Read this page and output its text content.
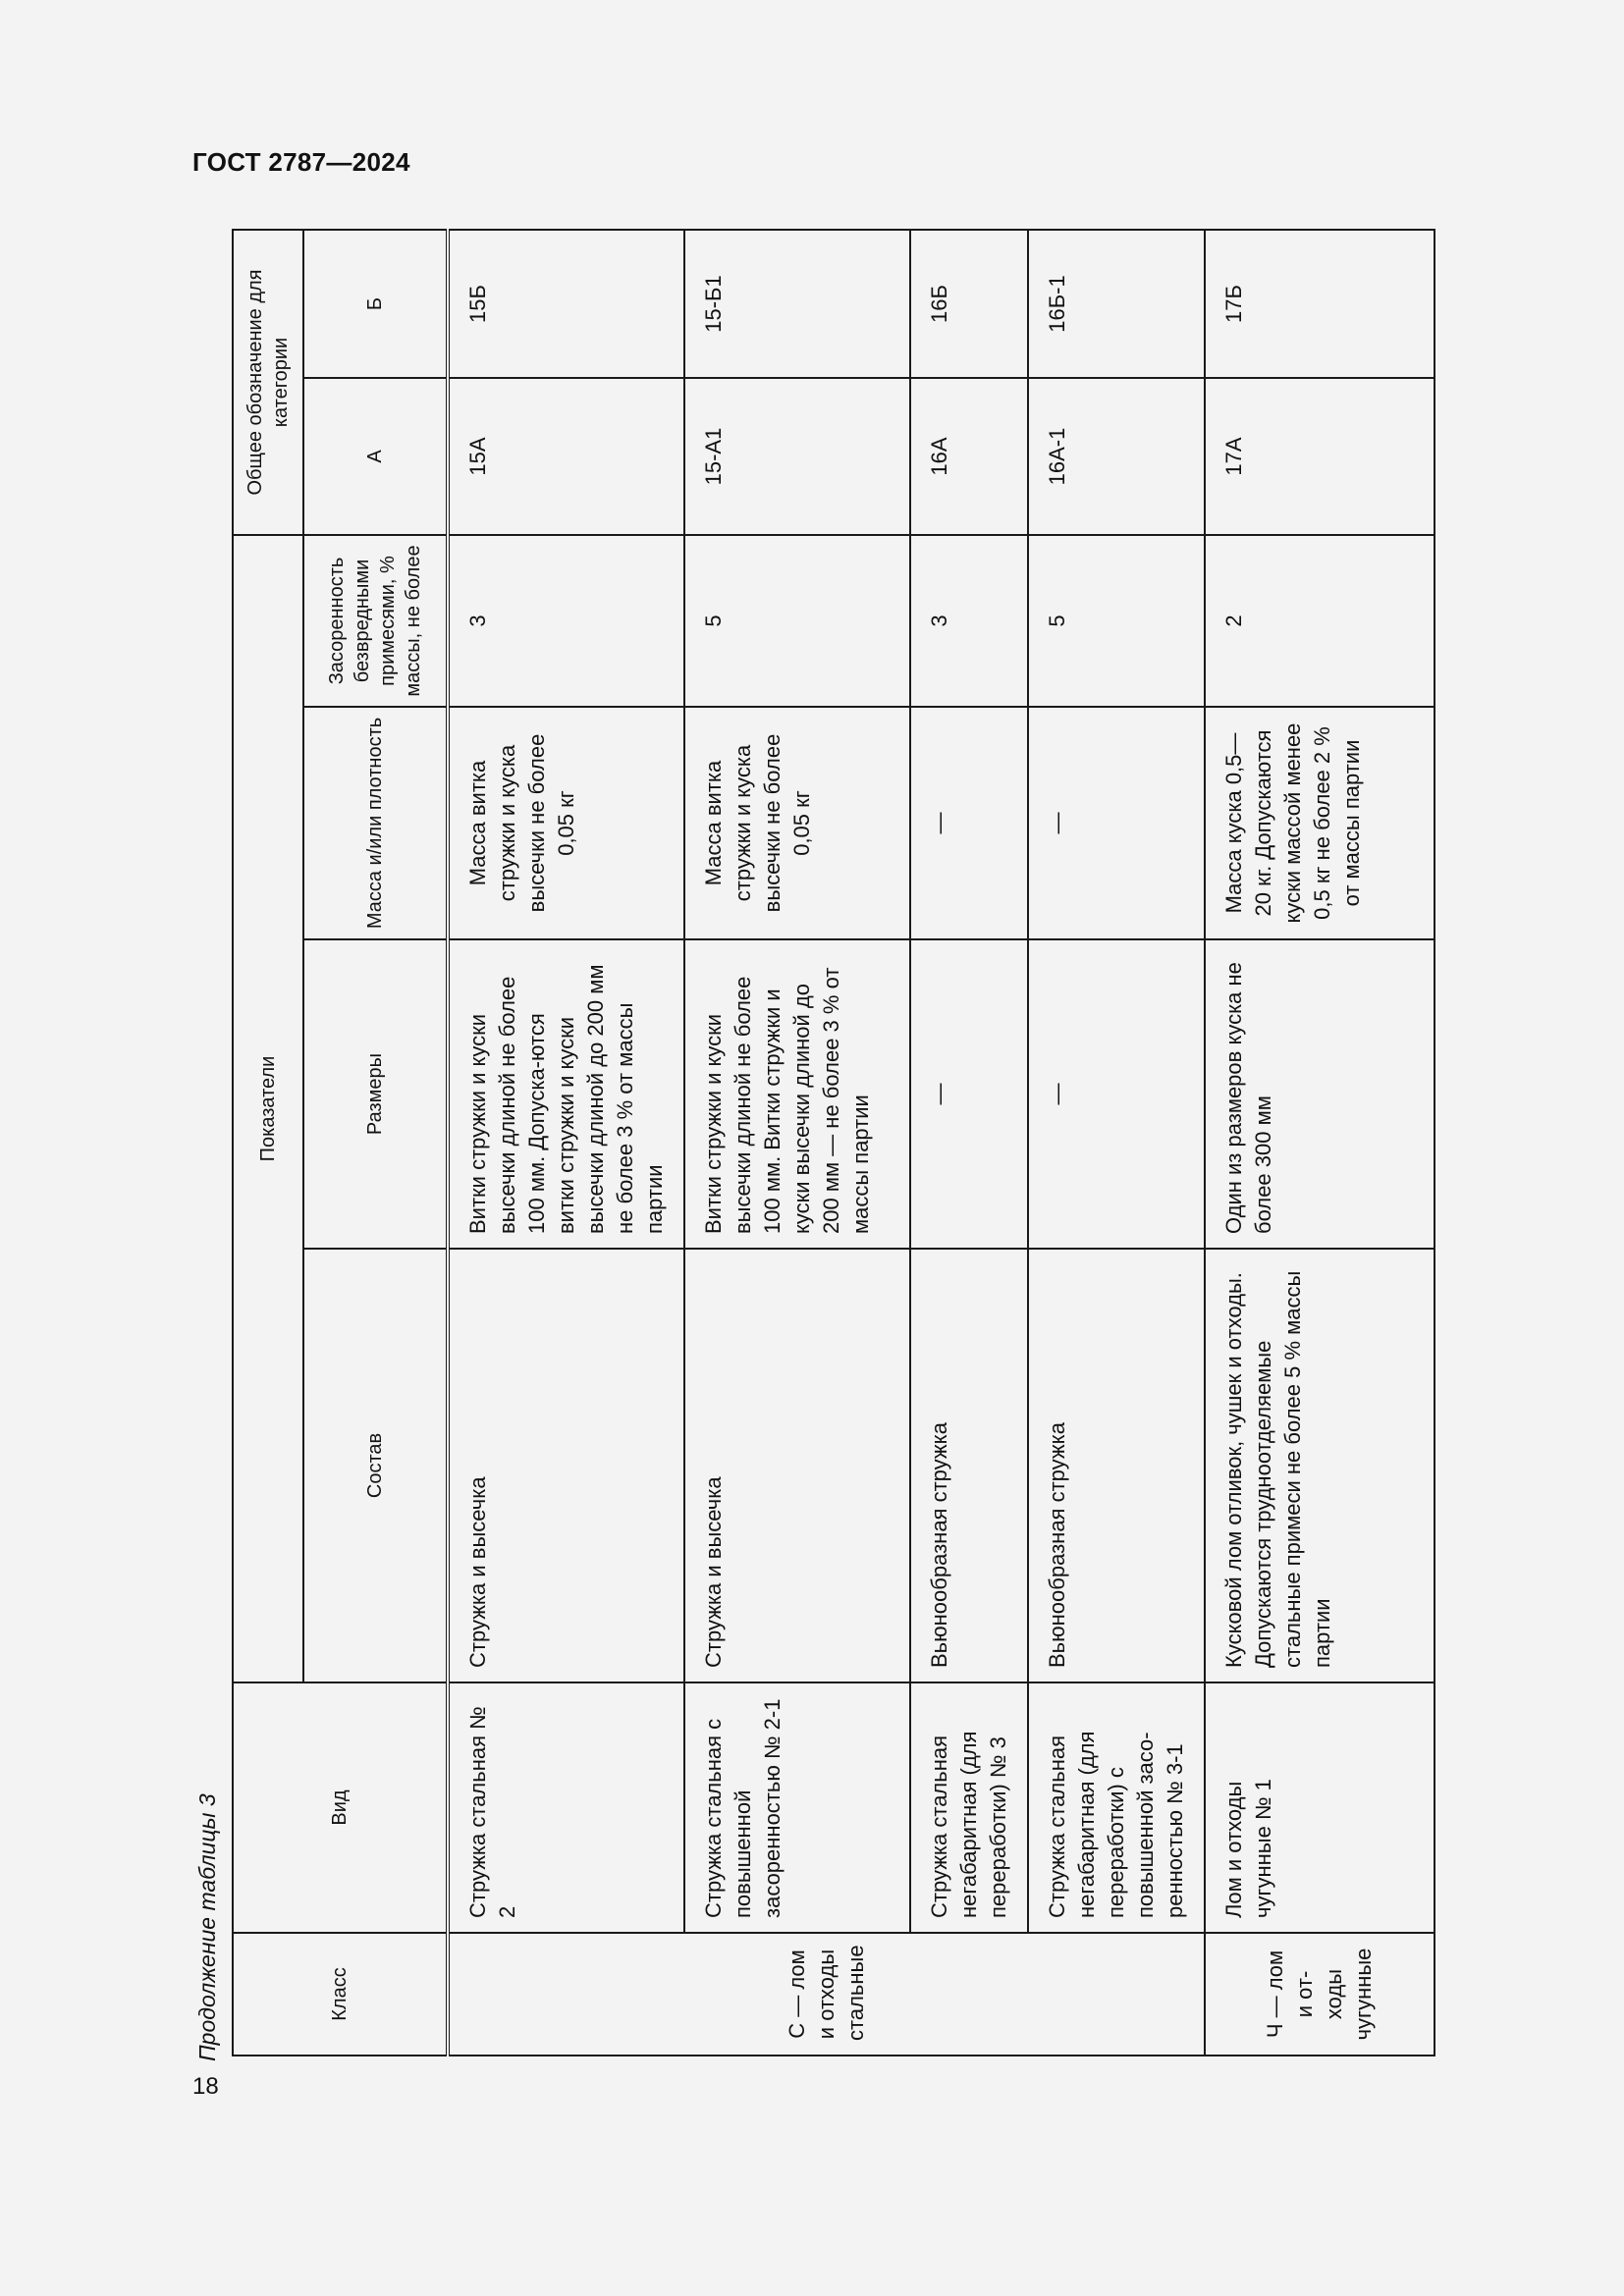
ГОСТ 2787—2024
Продолжение таблицы 3
18
Класс	Вид	Показатели				Общее обозначение для категории	
		Состав	Размеры	Масса и/или плотность	Засоренность безвредными примесями, % массы, не более	А	Б
С — лом и отходы стальные	Стружка стальная № 2	Стружка и высечка	Витки стружки и куски высечки длиной не более 100 мм. Допуска-ются витки стружки и куски высечки длиной до 200 мм не более 3 % от массы партии	Масса витка стружки и куска высечки не более 0,05 кг	3	15А	15Б
	Стружка стальная с повышенной засоренностью № 2-1	Стружка и высечка	Витки стружки и куски высечки длиной не более 100 мм. Витки стружки и куски высечки длиной до 200 мм — не более 3 % от массы партии	Масса витка стружки и куска высечки не более 0,05 кг	5	15-А1	15-Б1
	Стружка стальная негабаритная (для переработки) № 3	Вьюнообразная стружка	—	—	3	16А	16Б
	Стружка стальная негабаритная (для переработки) с повышенной засо-ренностью № 3-1	Вьюнообразная стружка	—	—	5	16А-1	16Б-1
Ч — лом и от-ходы чугунные	Лом и отходы чугунные № 1	Кусковой лом отливок, чушек и отходы. Допускаются трудноотделяемые стальные примеси не более 5 % массы партии	Один из размеров куска не более 300 мм	Масса куска 0,5—20 кг. Допускаются куски массой менее 0,5 кг не более 2 % от массы партии	2	17А	17Б
